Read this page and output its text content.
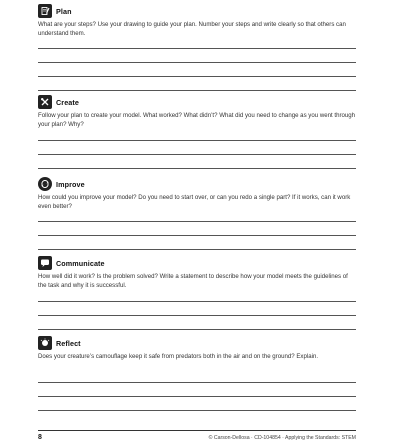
Plan
What are your steps? Use your drawing to guide your plan. Number your steps and write clearly so that others can understand them.
Create
Follow your plan to create your model. What worked? What didn’t? What did you need to change as you went through your plan? Why?
Improve
How could you improve your model? Do you need to start over, or can you redo a single part? If it works, can it work even better?
Communicate
How well did it work? Is the problem solved? Write a statement to describe how your model meets the guidelines of the task and why it is successful.
Reflect
Does your creature’s camouflage keep it safe from predators both in the air and on the ground? Explain.
8	© Carson-Dellosa · CD-104854 · Applying the Standards: STEM
